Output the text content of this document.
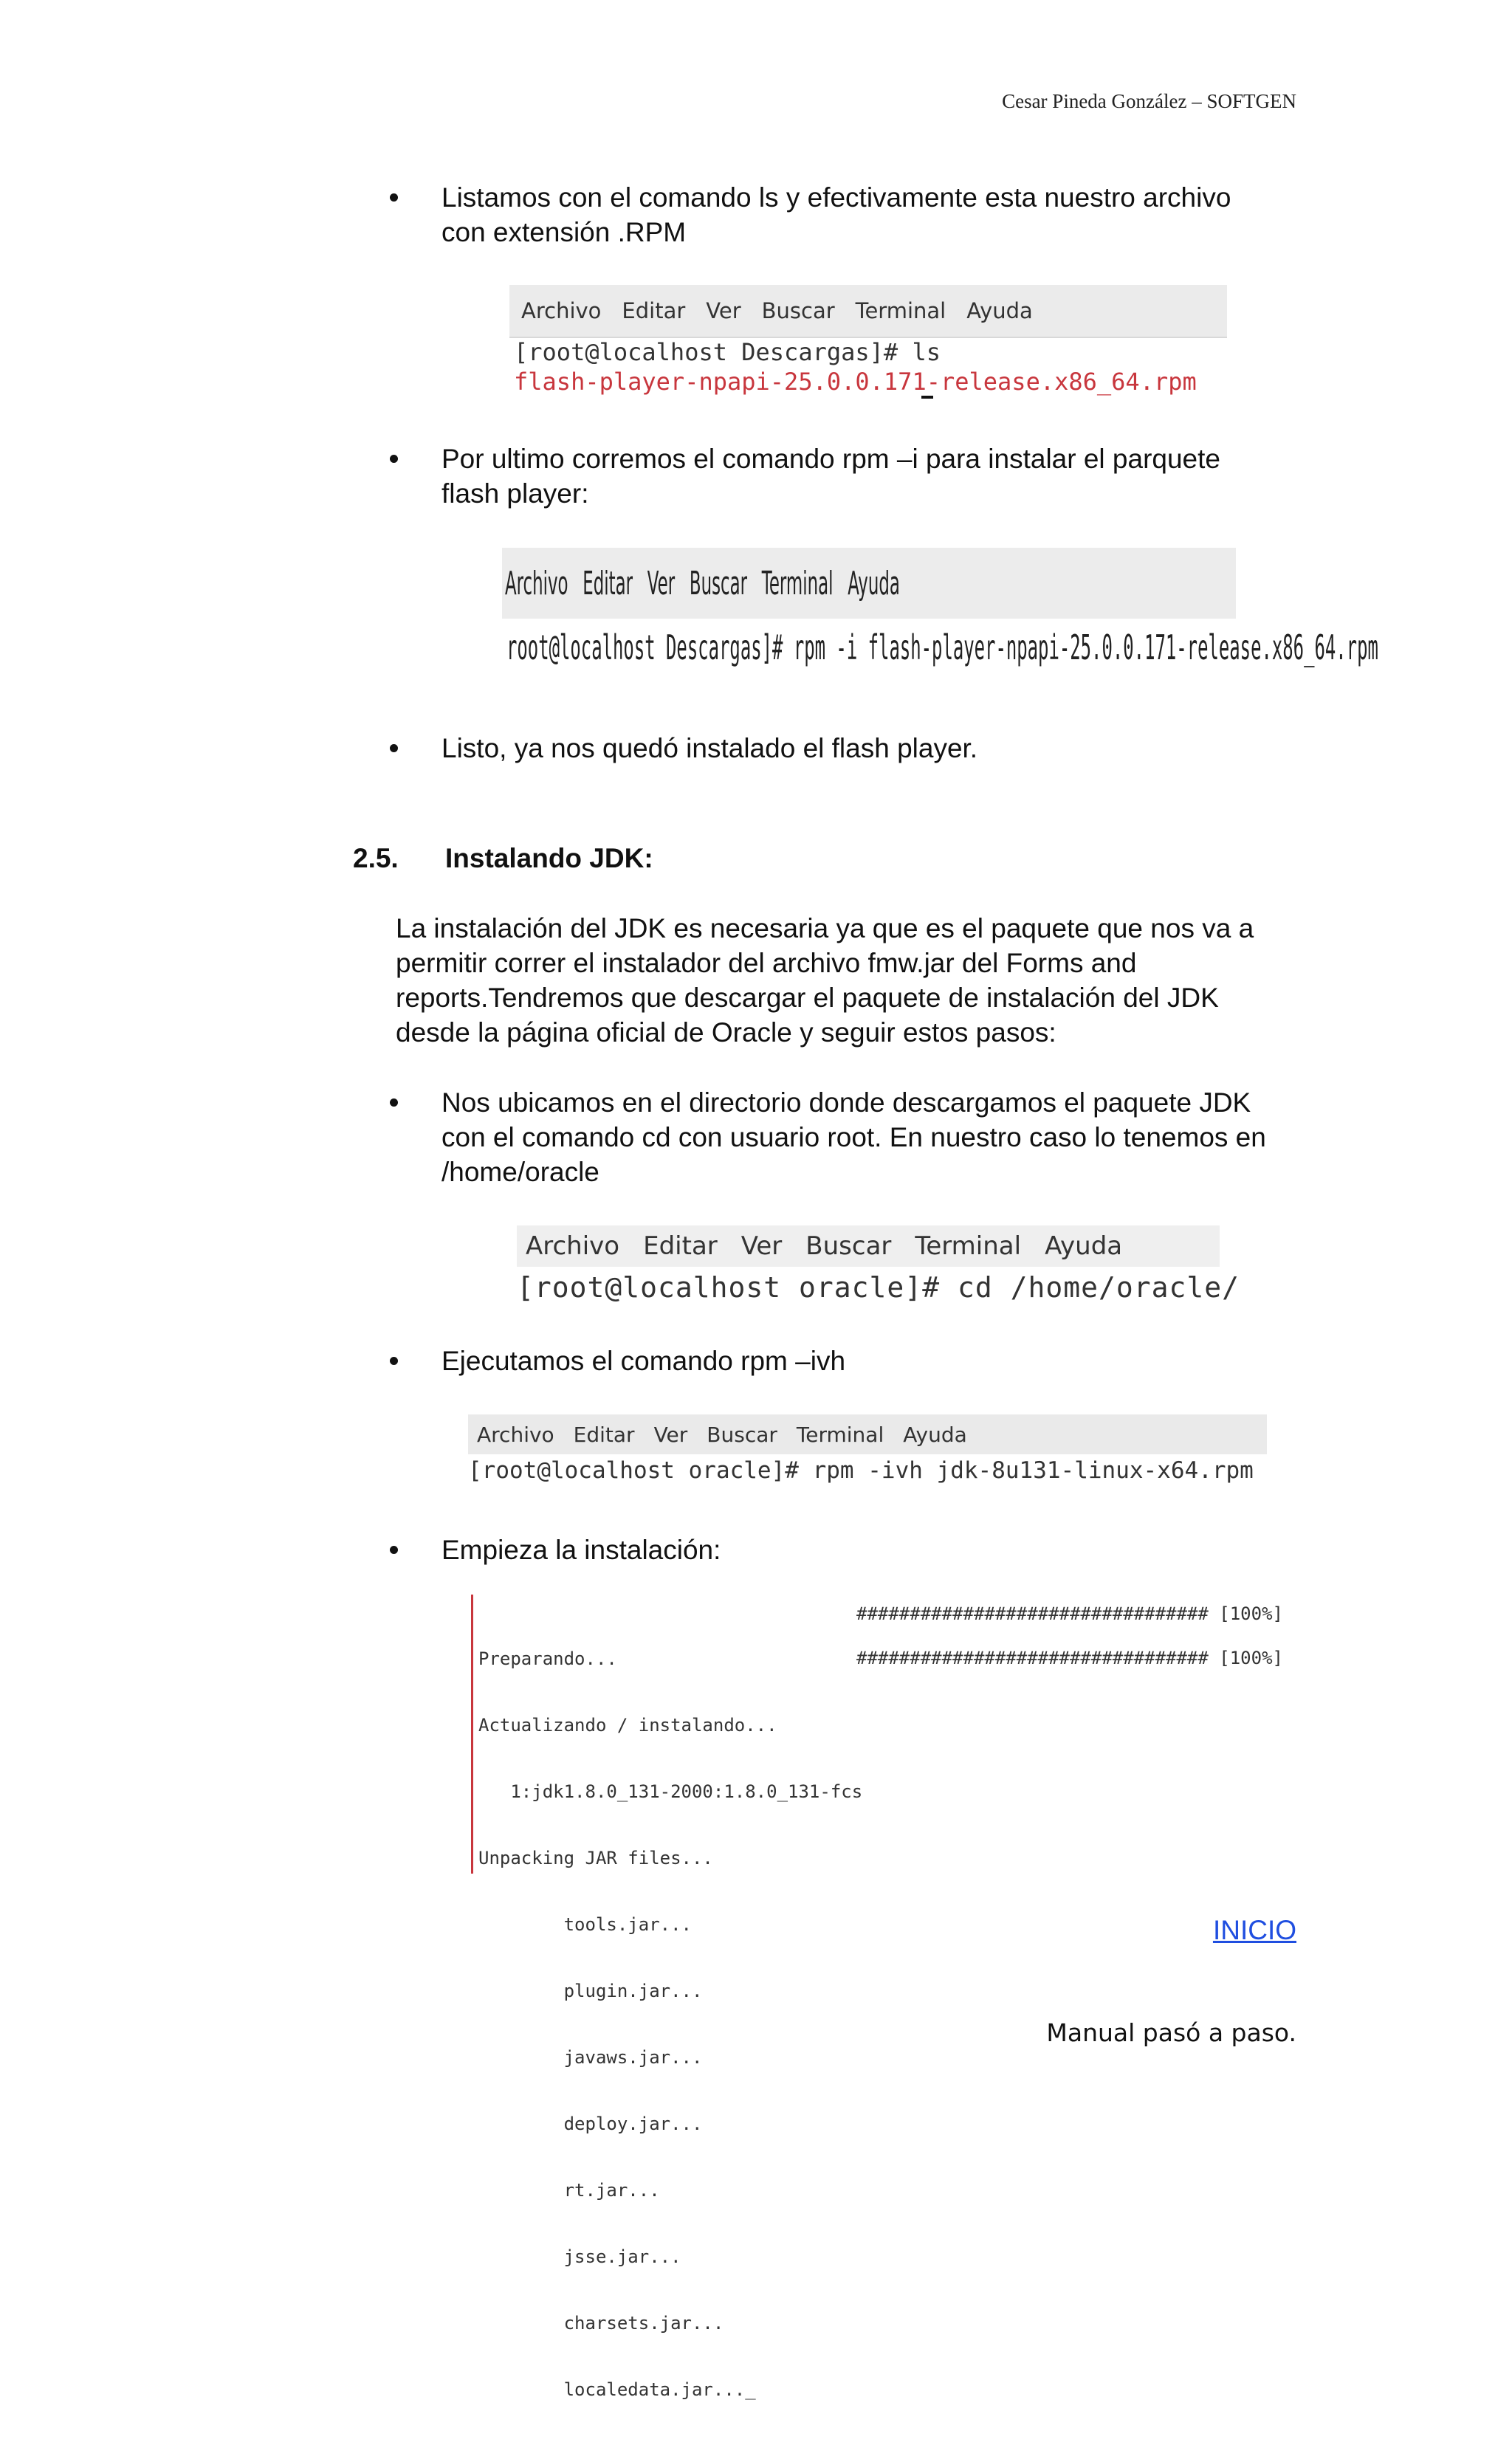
Cesar Pineda González – SOFTGEN
Listamos con el comando ls y efectivamente esta nuestro archivo
con extensión .RPM
Archivo Editar Ver Buscar Terminal Ayuda
[root@localhost Descargas]# ls
flash-player-npapi-25.0.0.171-release.x86_64.rpm
Por ultimo corremos el comando rpm –i para instalar el parquete
flash player:
Archivo Editar Ver Buscar Terminal Ayuda
root@localhost Descargas]# rpm -i flash-player-npapi-25.0.0.171-release.x86_64.rpm
Listo, ya nos quedó instalado el flash player.
2.5. Instalando JDK:
La instalación del JDK es necesaria ya que es el paquete que nos va a
permitir correr el instalador del archivo fmw.jar del Forms and
reports.Tendremos que descargar el paquete de instalación del JDK
desde la página oficial de Oracle y seguir estos pasos:
Nos ubicamos en el directorio donde descargamos el paquete JDK
con el comando cd con usuario root. En nuestro caso lo tenemos en
/home/oracle
Archivo Editar Ver Buscar Terminal Ayuda
[root@localhost oracle]# cd /home/oracle/
Ejecutamos el comando rpm –ivh
Archivo Editar Ver Buscar Terminal Ayuda
[root@localhost oracle]# rpm -ivh jdk-8u131-linux-x64.rpm
Empieza la instalación:

Preparando...

Actualizando / instalando...

1:jdk1.8.0_131-2000:1.8.0_131-fcs

Unpacking JAR files...

tools.jar...

plugin.jar...

javaws.jar...

deploy.jar...

rt.jar...

jsse.jar...

charsets.jar...

localedata.jar..._

################################# [100%]
################################# [100%]
INICIO
Manual pasó a paso.
